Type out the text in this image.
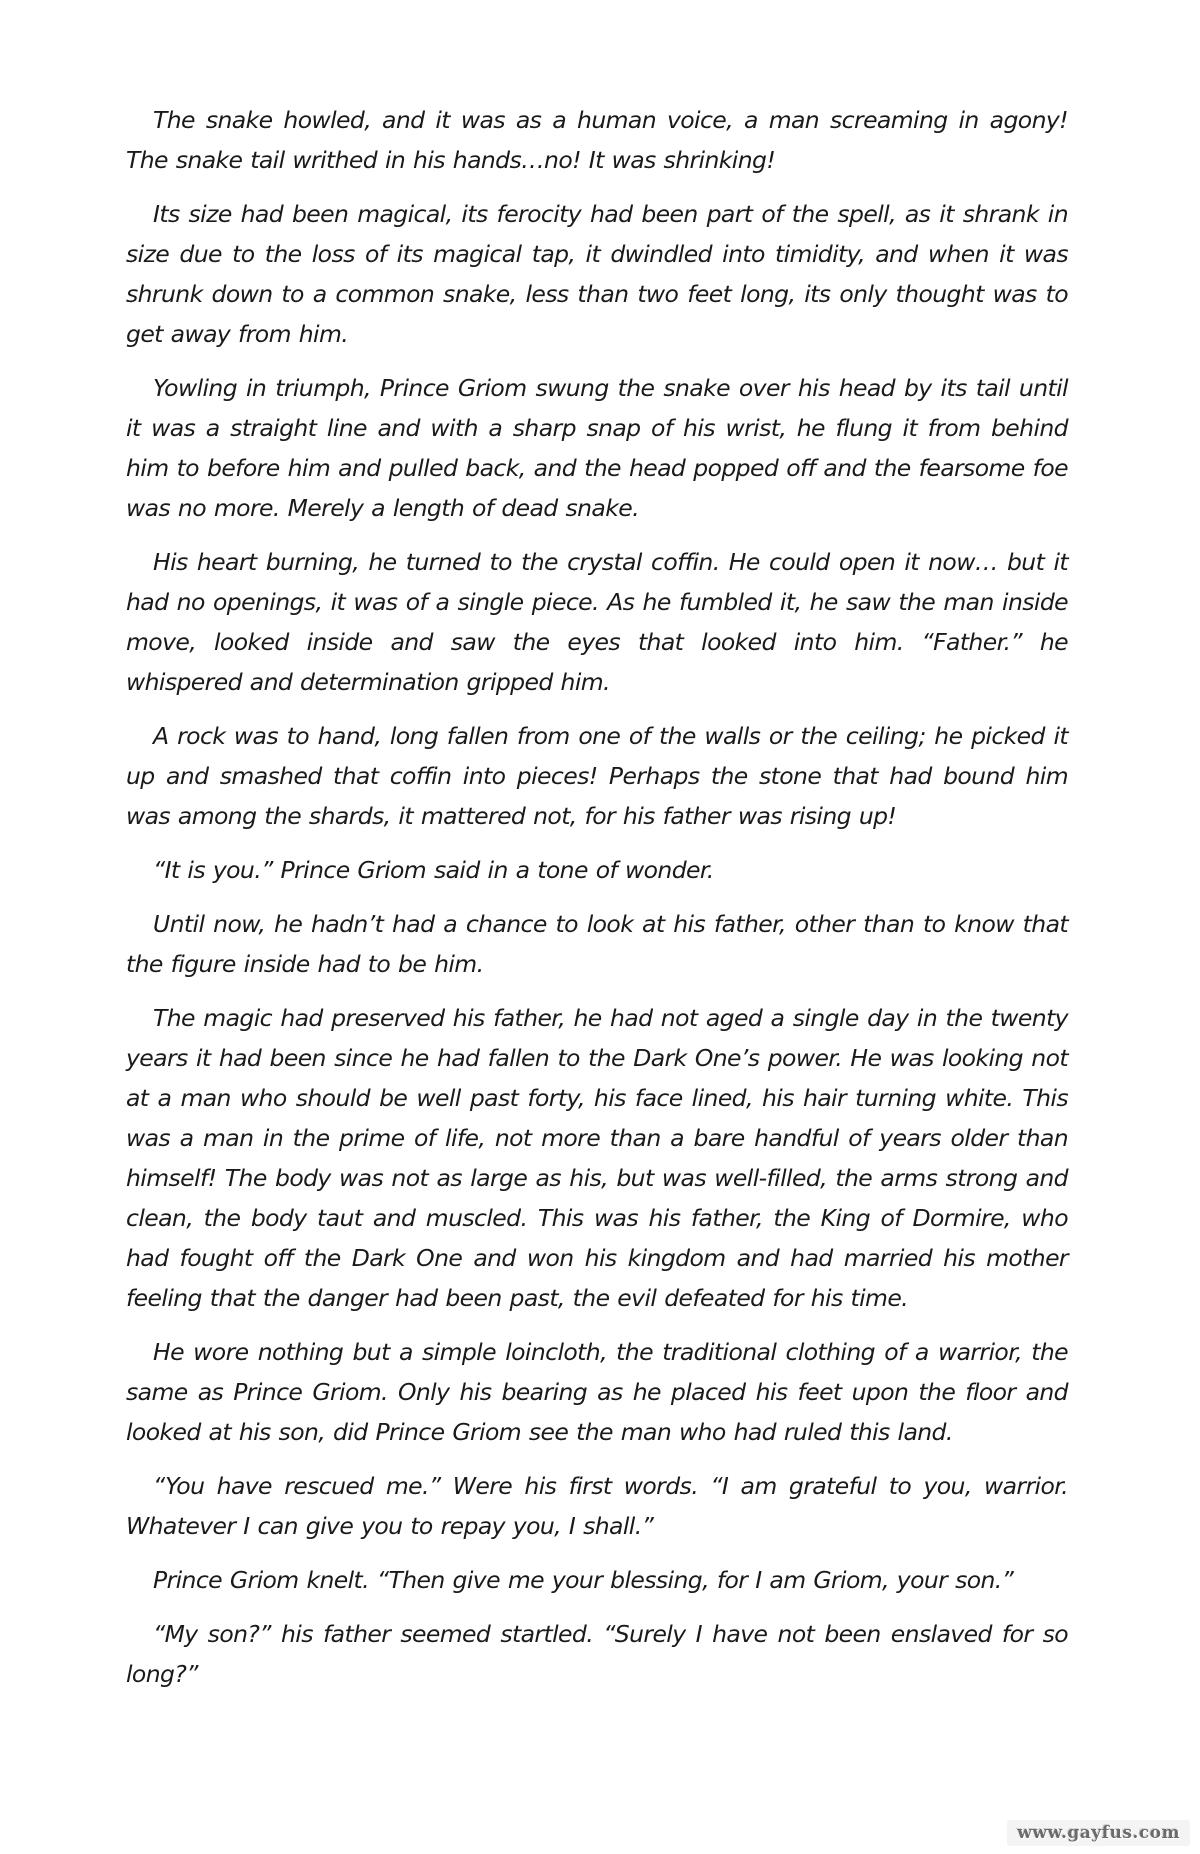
The snake howled, and it was as a human voice, a man screaming in agony! The snake tail writhed in his hands…no! It was shrinking!

Its size had been magical, its ferocity had been part of the spell, as it shrank in size due to the loss of its magical tap, it dwindled into timidity, and when it was shrunk down to a common snake, less than two feet long, its only thought was to get away from him.

Yowling in triumph, Prince Griom swung the snake over his head by its tail until it was a straight line and with a sharp snap of his wrist, he flung it from behind him to before him and pulled back, and the head popped off and the fearsome foe was no more. Merely a length of dead snake.

His heart burning, he turned to the crystal coffin. He could open it now… but it had no openings, it was of a single piece. As he fumbled it, he saw the man inside move, looked inside and saw the eyes that looked into him. “Father.” he whispered and determination gripped him.

A rock was to hand, long fallen from one of the walls or the ceiling; he picked it up and smashed that coffin into pieces! Perhaps the stone that had bound him was among the shards, it mattered not, for his father was rising up!

“It is you.” Prince Griom said in a tone of wonder.

Until now, he hadn’t had a chance to look at his father, other than to know that the figure inside had to be him.

The magic had preserved his father, he had not aged a single day in the twenty years it had been since he had fallen to the Dark One’s power. He was looking not at a man who should be well past forty, his face lined, his hair turning white. This was a man in the prime of life, not more than a bare handful of years older than himself! The body was not as large as his, but was well-filled, the arms strong and clean, the body taut and muscled. This was his father, the King of Dormire, who had fought off the Dark One and won his kingdom and had married his mother feeling that the danger had been past, the evil defeated for his time.

He wore nothing but a simple loincloth, the traditional clothing of a warrior, the same as Prince Griom. Only his bearing as he placed his feet upon the floor and looked at his son, did Prince Griom see the man who had ruled this land.

“You have rescued me.” Were his first words. “I am grateful to you, warrior. Whatever I can give you to repay you, I shall.”

Prince Griom knelt. “Then give me your blessing, for I am Griom, your son.”

“My son?” his father seemed startled. “Surely I have not been enslaved for so long?”

www.gayfus.com
